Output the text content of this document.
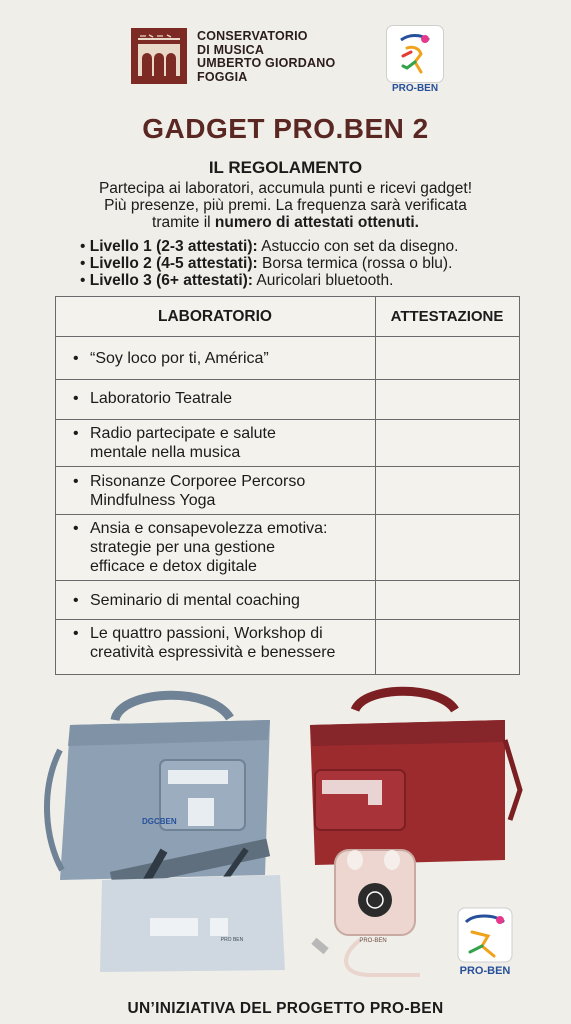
CONSERVATORIO
DI MUSICA
UMBERTO GIORDANO
FOGGIA
PRO-BEN
GADGET PRO.BEN 2
IL REGOLAMENTO
Partecipa ai laboratori, accumula punti e ricevi gadget!
Più presenze, più premi. La frequenza sarà verificata
tramite il numero di attestati ottenuti.
• Livello 1 (2-3 attestati): Astuccio con set da disegno.
• Livello 2 (4-5 attestati): Borsa termica (rossa o blu).
• Livello 3 (6+ attestati): Auricolari bluetooth.
LABORATORIO	ATTESTAZIONE
• “Soy loco por ti, América”
• Laboratorio Teatrale
• Radio partecipate e salute
mentale nella musica
• Risonanze Corporee Percorso
Mindfulness Yoga
• Ansia e consapevolezza emotiva:
strategie per una gestione
efficace e detox digitale
• Seminario di mental coaching
• Le quattro passioni, Workshop di
creatività espressività e benessere
DGCBEN
PRO BEN	PRO-BEN
PRO-BEN
UN’INIZIATIVA DEL PROGETTO PRO-BEN
